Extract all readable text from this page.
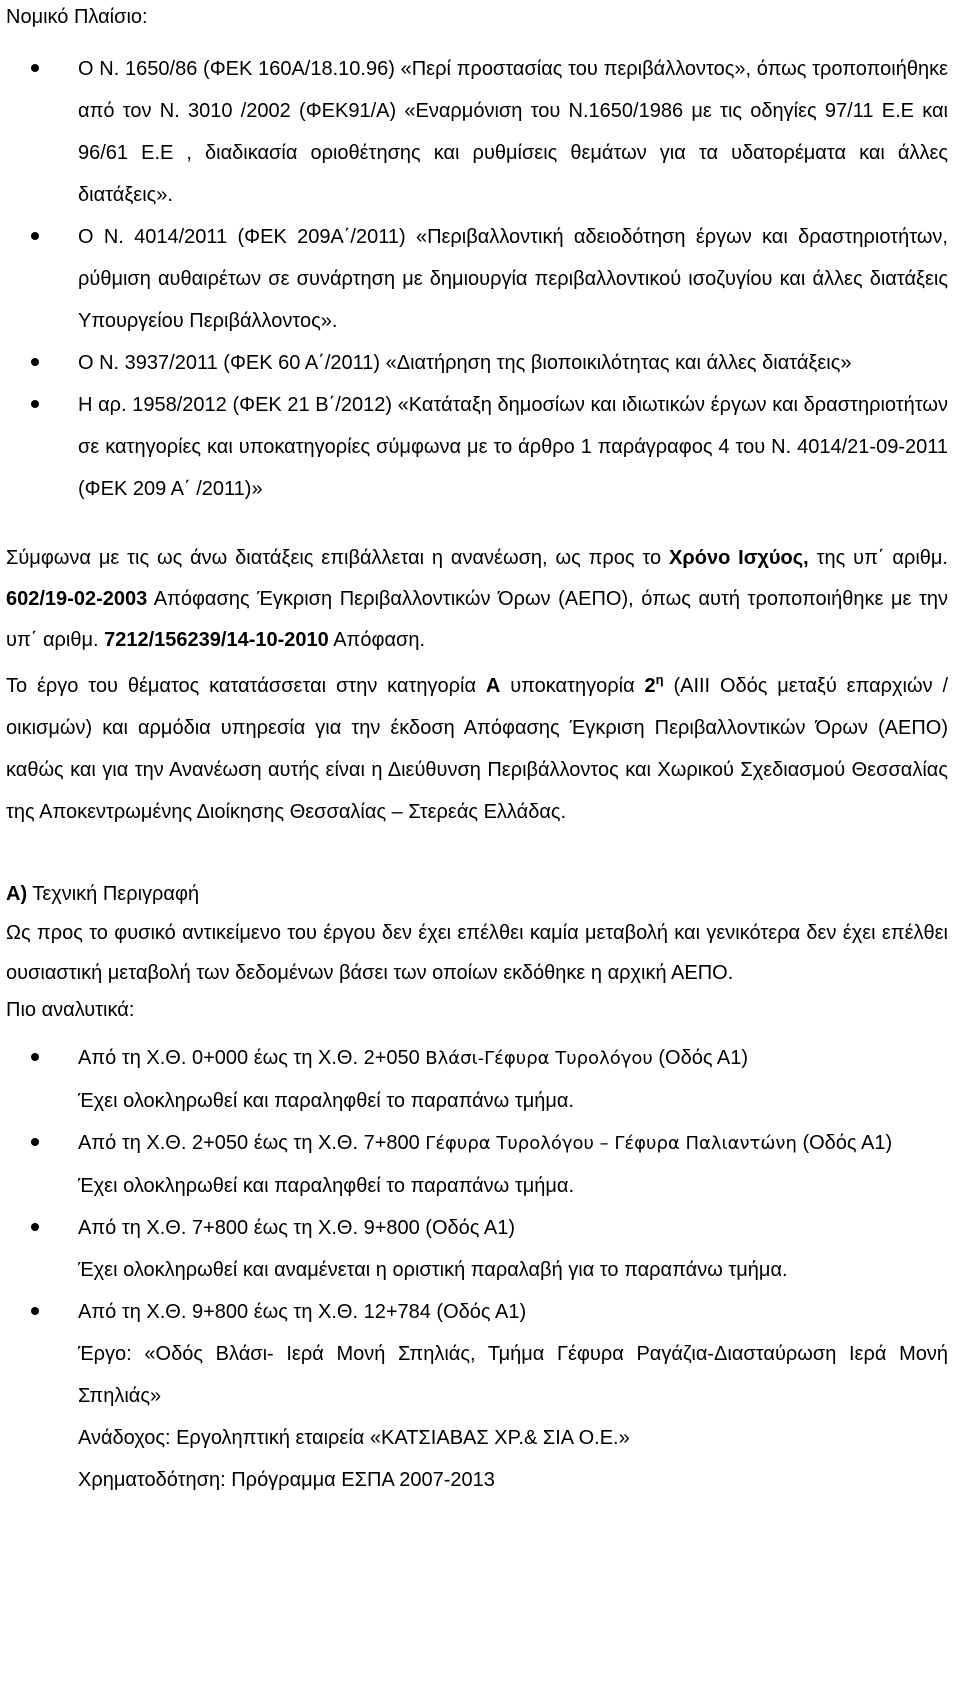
Νομικό Πλαίσιο:

Ο Ν. 1650/86 (ΦΕΚ 160Α/18.10.96) «Περί προστασίας του περιβάλλοντος», όπως τροποποιήθηκε από τον Ν. 3010 /2002 (ΦΕΚ91/Α) «Εναρμόνιση του Ν.1650/1986 με τις οδηγίες 97/11 Ε.Ε και 96/61 Ε.Ε , διαδικασία οριοθέτησης και ρυθμίσεις θεμάτων για τα υδατορέματα και άλλες διατάξεις».
Ο Ν. 4014/2011 (ΦΕΚ 209Α΄/2011) «Περιβαλλοντική αδειοδότηση έργων και δραστηριοτήτων, ρύθμιση αυθαιρέτων σε συνάρτηση με δημιουργία περιβαλλοντικού ισοζυγίου και άλλες διατάξεις Υπουργείου Περιβάλλοντος».
Ο Ν. 3937/2011 (ΦΕΚ 60 Α΄/2011) «Διατήρηση της βιοποικιλότητας και άλλες διατάξεις»
Η αρ. 1958/2012 (ΦΕΚ 21 Β΄/2012) «Κατάταξη δημοσίων και ιδιωτικών έργων και δραστηριοτήτων σε κατηγορίες και υποκατηγορίες σύμφωνα με το άρθρο 1 παράγραφος 4 του Ν. 4014/21-09-2011 (ΦΕΚ 209 Α΄ /2011)»

Σύμφωνα με τις ως άνω διατάξεις επιβάλλεται η ανανέωση, ως προς το Χρόνο Ισχύος, της υπ΄ αριθμ. 602/19-02-2003 Απόφασης Έγκριση Περιβαλλοντικών Όρων (ΑΕΠΟ), όπως αυτή τροποποιήθηκε με την υπ΄ αριθμ. 7212/156239/14-10-2010 Απόφαση.

Το έργο του θέματος κατατάσσεται στην κατηγορία Α υποκατηγορία $2^\eta$ (ΑΙΙΙ Οδός μεταξύ επαρχιών / οικισμών) και αρμόδια υπηρεσία για την έκδοση Απόφασης Έγκριση Περιβαλλοντικών Όρων (ΑΕΠΟ) καθώς και για την Ανανέωση αυτής είναι η Διεύθυνση Περιβάλλοντος και Χωρικού Σχεδιασμού Θεσσαλίας της Αποκεντρωμένης Διοίκησης Θεσσαλίας – Στερεάς Ελλάδας.

Α) Τεχνική Περιγραφή

Ως προς το φυσικό αντικείμενο του έργου δεν έχει επέλθει καμία μεταβολή και γενικότερα δεν έχει επέλθει ουσιαστική μεταβολή των δεδομένων βάσει των οποίων εκδόθηκε η αρχική ΑΕΠΟ.

Πιο αναλυτικά:

Από τη Χ.Θ. 0+000 έως τη Χ.Θ. 2+050 Βλάσι-Γέφυρα Τυρολόγου (Οδός Α1)
Έχει ολοκληρωθεί και παραληφθεί το παραπάνω τμήμα.
Από τη Χ.Θ. 2+050 έως τη Χ.Θ. 7+800 Γέφυρα Τυρολόγου – Γέφυρα Παλιαντώνη (Οδός Α1)
Έχει ολοκληρωθεί και παραληφθεί το παραπάνω τμήμα.
Από τη Χ.Θ. 7+800 έως τη Χ.Θ. 9+800 (Οδός Α1)
Έχει ολοκληρωθεί και αναμένεται η οριστική παραλαβή για το παραπάνω τμήμα.
Από τη Χ.Θ. 9+800 έως τη Χ.Θ. 12+784 (Οδός Α1)
Έργο: «Οδός Βλάσι- Ιερά Μονή Σπηλιάς, Τμήμα Γέφυρα Ραγάζια-Διασταύρωση Ιερά Μονή Σπηλιάς»
Ανάδοχος: Εργοληπτική εταιρεία «ΚΑΤΣΙΑΒΑΣ ΧΡ.& ΣΙΑ Ο.Ε.»
Χρηματοδότηση: Πρόγραμμα ΕΣΠΑ 2007-2013
